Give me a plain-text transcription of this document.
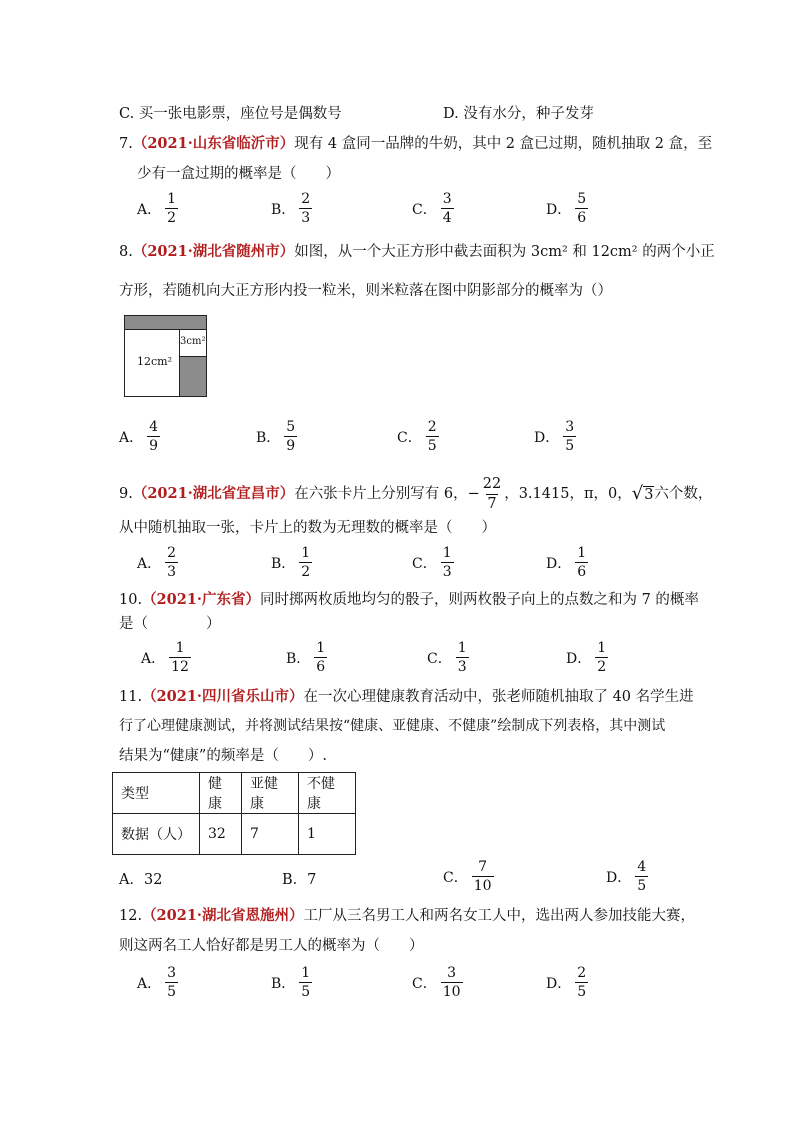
C. 买一张电影票，座位号是偶数号	D. 没有水分，种子发芽
7.（2021·山东省临沂市）现有 4 盒同一品牌的牛奶，其中 2 盒已过期，随机抽取 2 盒，至
少有一盒过期的概率是（　　）
A． $\frac{1}{2}$	B． $\frac{2}{3}$	C． $\frac{3}{4}$	D． $\frac{5}{6}$
8.（2021·湖北省随州市）如图，从一个大正方形中截去面积为 3cm² 和 12cm² 的两个小正
方形，若随机向大正方形内投一粒米，则米粒落在图中阴影部分的概率为（）
12cm²
3cm²
A． $\frac{4}{9}$	B． $\frac{5}{9}$	C． $\frac{2}{5}$	D． $\frac{3}{5}$
9. （2021·湖北省宜昌市） 在六张卡片上分别写有 6， − $\frac{22}{7}$ ，3.1415，π，0， √ 3 六个数，
从中随机抽取一张，卡片上的数为无理数的概率是（　　）
A． $\frac{2}{3}$	B． $\frac{1}{2}$	C． $\frac{1}{3}$	D． $\frac{1}{6}$
10.（2021·广东省）同时掷两枚质地均匀的骰子，则两枚骰子向上的点数之和为 7 的概率
是（　　　　）
A． $\frac{1}{12}$	B． $\frac{1}{6}$	C． $\frac{1}{3}$	D． $\frac{1}{2}$
11.（2021·四川省乐山市）在一次心理健康教育活动中，张老师随机抽取了 40 名学生进
行了心理健康测试，并将测试结果按“健康、亚健康、不健康”绘制成下列表格，其中测试
结果为“健康”的频率是（　　）.
类型	健康	亚健康	不健康
数据（人）	32	7	1
A．32	B．7	C． $\frac{7}{10}$	D． $\frac{4}{5}$
12.（2021·湖北省恩施州）工厂从三名男工人和两名女工人中，选出两人参加技能大赛，
则这两名工人恰好都是男工人的概率为（　　）
A． $\frac{3}{5}$	B． $\frac{1}{5}$	C． $\frac{3}{10}$	D． $\frac{2}{5}$
